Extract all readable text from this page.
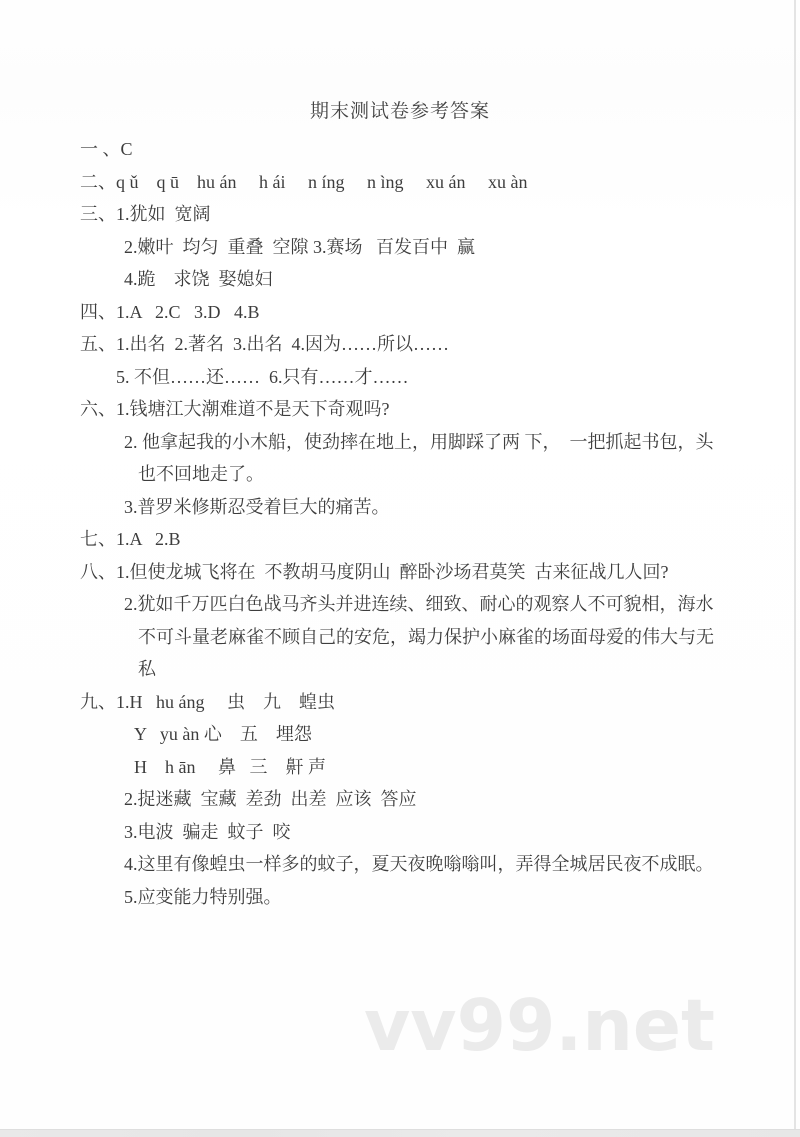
期末测试卷参考答案
一 、C
二、q ǔ    q ū    hu án     h ái     n íng     n ìng     xu án     xu àn
三、1.犹如  宽阔
2.嫩叶  均匀  重叠  空隙 3.赛场   百发百中  赢
4.跪    求饶  娶媳妇
四、1.A   2.C   3.D   4.B
五、1.出名  2.著名  3.出名  4.因为……所以……
5. 不但……还……  6.只有……才……
六、1.钱塘江大潮难道不是天下奇观吗?
2. 他拿起我的小木船，使劲摔在地上，用脚踩了两 下，  一把抓起书包，头
也不回地走了。
3.普罗米修斯忍受着巨大的痛苦。
七、1.A   2.B
八、1.但使龙城飞将在  不教胡马度阴山  醉卧沙场君莫笑  古来征战几人回?
2.犹如千万匹白色战马齐头并进连续、细致、耐心的观察人不可貌相，海水
不可斗量老麻雀不顾自己的安危，竭力保护小麻雀的场面母爱的伟大与无
私
九、1.H   hu áng     虫    九    蝗虫
Y   yu àn 心    五    埋怨
H    h ān     鼻   三    鼾 声
2.捉迷藏  宝藏  差劲  出差  应该  答应
3.电波  骗走  蚊子  咬
4.这里有像蝗虫一样多的蚊子，夏天夜晚嗡嗡叫，弄得全城居民夜不成眠。
5.应变能力特别强。
vv99.net
